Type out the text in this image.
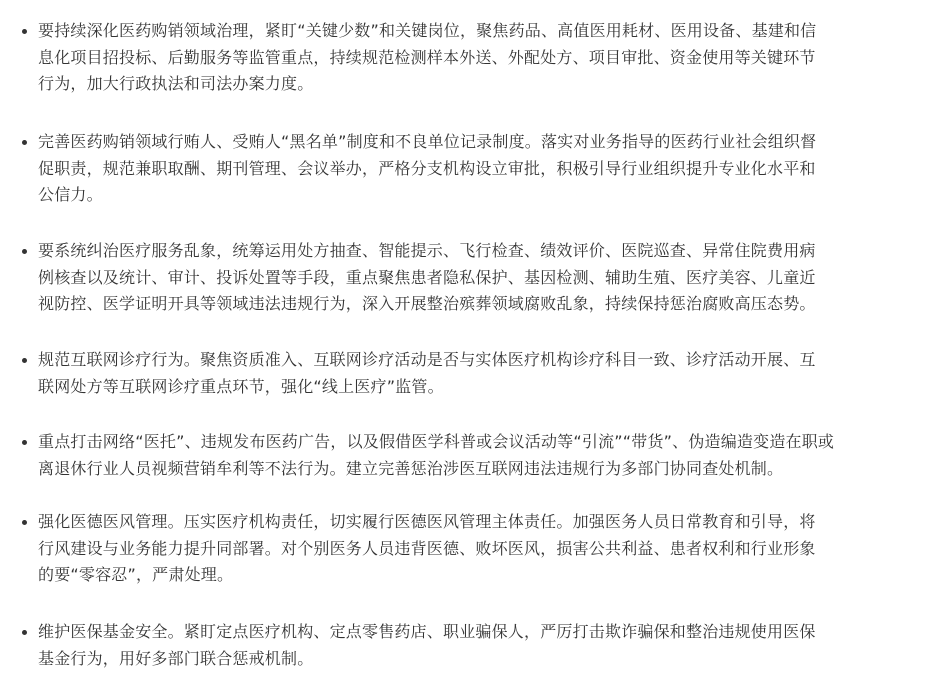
要持续深化医药购销领域治理，紧盯“关键少数”和关键岗位，聚焦药品、高值医用耗材、医用设备、基建和信
息化项目招投标、后勤服务等监管重点，持续规范检测样本外送、外配处方、项目审批、资金使用等关键环节
行为，加大行政执法和司法办案力度。
完善医药购销领域行贿人、受贿人“黑名单”制度和不良单位记录制度。落实对业务指导的医药行业社会组织督
促职责，规范兼职取酬、期刊管理、会议举办，严格分支机构设立审批，积极引导行业组织提升专业化水平和
公信力。
要系统纠治医疗服务乱象，统筹运用处方抽查、智能提示、飞行检查、绩效评价、医院巡查、异常住院费用病
例核查以及统计、审计、投诉处置等手段，重点聚焦患者隐私保护、基因检测、辅助生殖、医疗美容、儿童近
视防控、医学证明开具等领域违法违规行为，深入开展整治殡葬领域腐败乱象，持续保持惩治腐败高压态势。
规范互联网诊疗行为。聚焦资质准入、互联网诊疗活动是否与实体医疗机构诊疗科目一致、诊疗活动开展、互
联网处方等互联网诊疗重点环节，强化“线上医疗”监管。
重点打击网络“医托”、违规发布医药广告，以及假借医学科普或会议活动等“引流”“带货”、伪造编造变造在职或
离退休行业人员视频营销牟利等不法行为。建立完善惩治涉医互联网违法违规行为多部门协同查处机制。
强化医德医风管理。压实医疗机构责任，切实履行医德医风管理主体责任。加强医务人员日常教育和引导，将
行风建设与业务能力提升同部署。对个别医务人员违背医德、败坏医风，损害公共利益、患者权利和行业形象
的要“零容忍”，严肃处理。
维护医保基金安全。紧盯定点医疗机构、定点零售药店、职业骗保人，严厉打击欺诈骗保和整治违规使用医保
基金行为，用好多部门联合惩戒机制。
